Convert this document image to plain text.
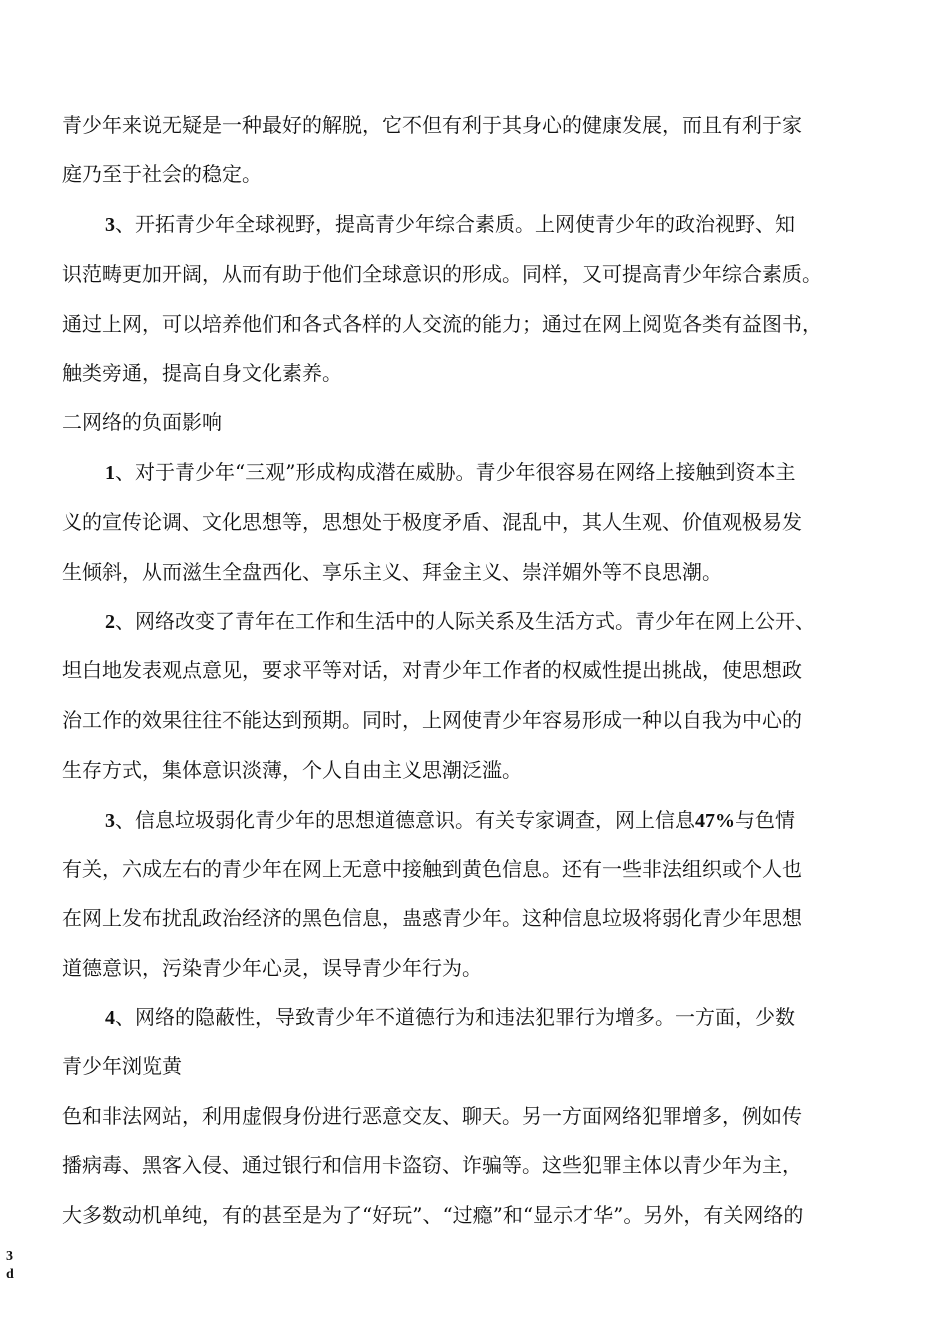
青少年来说无疑是一种最好的解脱，它不但有利于其身心的健康发展，而且有利于家
庭乃至于社会的稳定。
3、开拓青少年全球视野，提高青少年综合素质。上网使青少年的政治视野、知
识范畴更加开阔，从而有助于他们全球意识的形成。同样，又可提高青少年综合素质。
通过上网，可以培养他们和各式各样的人交流的能力；通过在网上阅览各类有益图书，
触类旁通，提高自身文化素养。
二网络的负面影响
1、对于青少年“三观”形成构成潜在威胁。青少年很容易在网络上接触到资本主
义的宣传论调、文化思想等，思想处于极度矛盾、混乱中，其人生观、价值观极易发
生倾斜，从而滋生全盘西化、享乐主义、拜金主义、崇洋媚外等不良思潮。
2、网络改变了青年在工作和生活中的人际关系及生活方式。青少年在网上公开、
坦白地发表观点意见，要求平等对话，对青少年工作者的权威性提出挑战，使思想政
治工作的效果往往不能达到预期。同时，上网使青少年容易形成一种以自我为中心的
生存方式，集体意识淡薄，个人自由主义思潮泛滥。
3、信息垃圾弱化青少年的思想道德意识。有关专家调查，网上信息47%与色情
有关，六成左右的青少年在网上无意中接触到黄色信息。还有一些非法组织或个人也
在网上发布扰乱政治经济的黑色信息，蛊惑青少年。这种信息垃圾将弱化青少年思想
道德意识，污染青少年心灵，误导青少年行为。
4、网络的隐蔽性，导致青少年不道德行为和违法犯罪行为增多。一方面，少数
青少年浏览黄
色和非法网站，利用虚假身份进行恶意交友、聊天。另一方面网络犯罪增多，例如传
播病毒、黑客入侵、通过银行和信用卡盗窃、诈骗等。这些犯罪主体以青少年为主，
大多数动机单纯，有的甚至是为了“好玩”、“过瘾”和“显示才华”。另外，有关网络的
3
d
